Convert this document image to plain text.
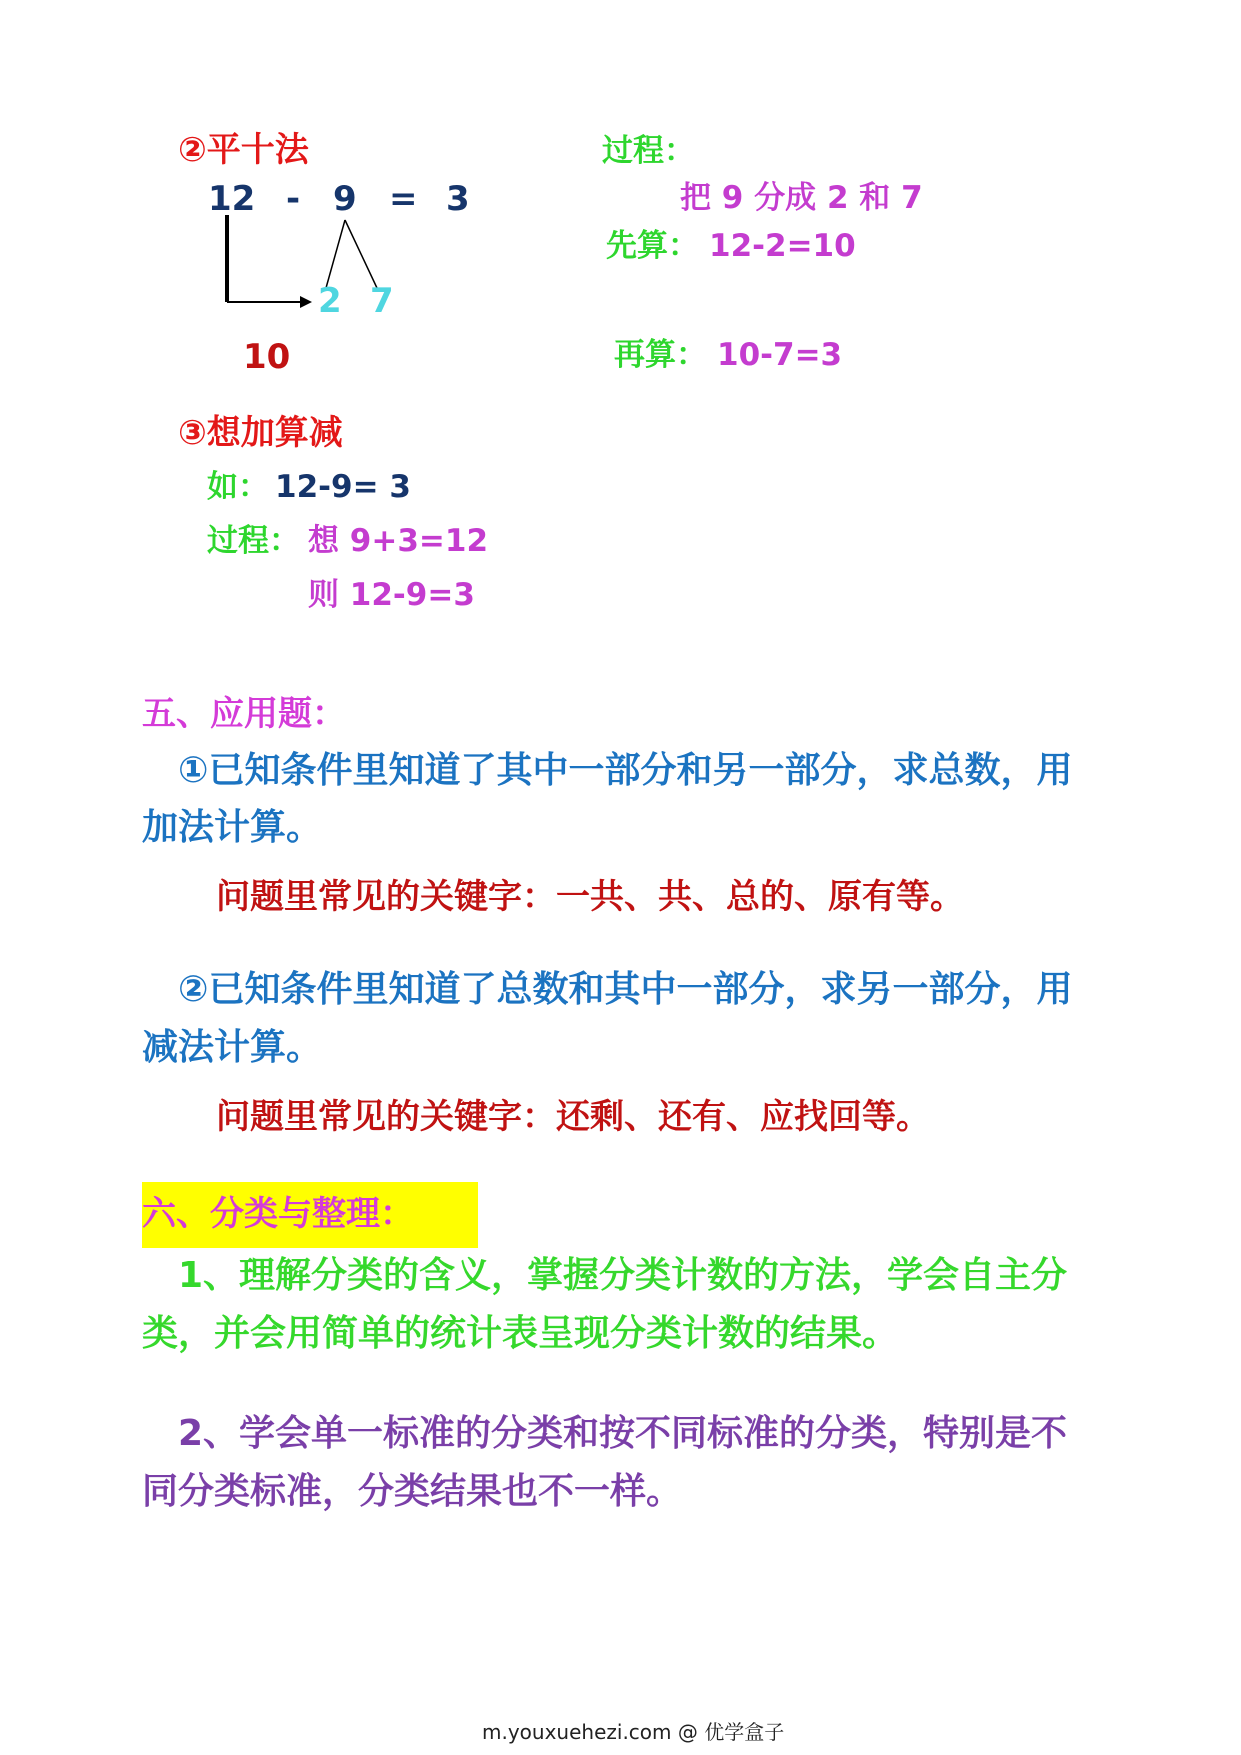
②平十法
12 - 9 = 3
2 7
10
过程：
把 9 分成 2 和 7
先算： 12-2=10
再算： 10-7=3
③想加算减
如： 12-9= 3
过程： 想 9+3=12
则 12-9=3
五、应用题：
①已知条件里知道了其中一部分和另一部分，求总数，用
加法计算。
问题里常见的关键字：一共、共、总的、原有等。
②已知条件里知道了总数和其中一部分，求另一部分，用
减法计算。
问题里常见的关键字：还剩、还有、应找回等。
六、分类与整理：
1、理解分类的含义，掌握分类计数的方法，学会自主分
类，并会用简单的统计表呈现分类计数的结果。
2、学会单一标准的分类和按不同标准的分类，特别是不
同分类标准，分类结果也不一样。
m.youxuehezi.com @ 优学盒子
